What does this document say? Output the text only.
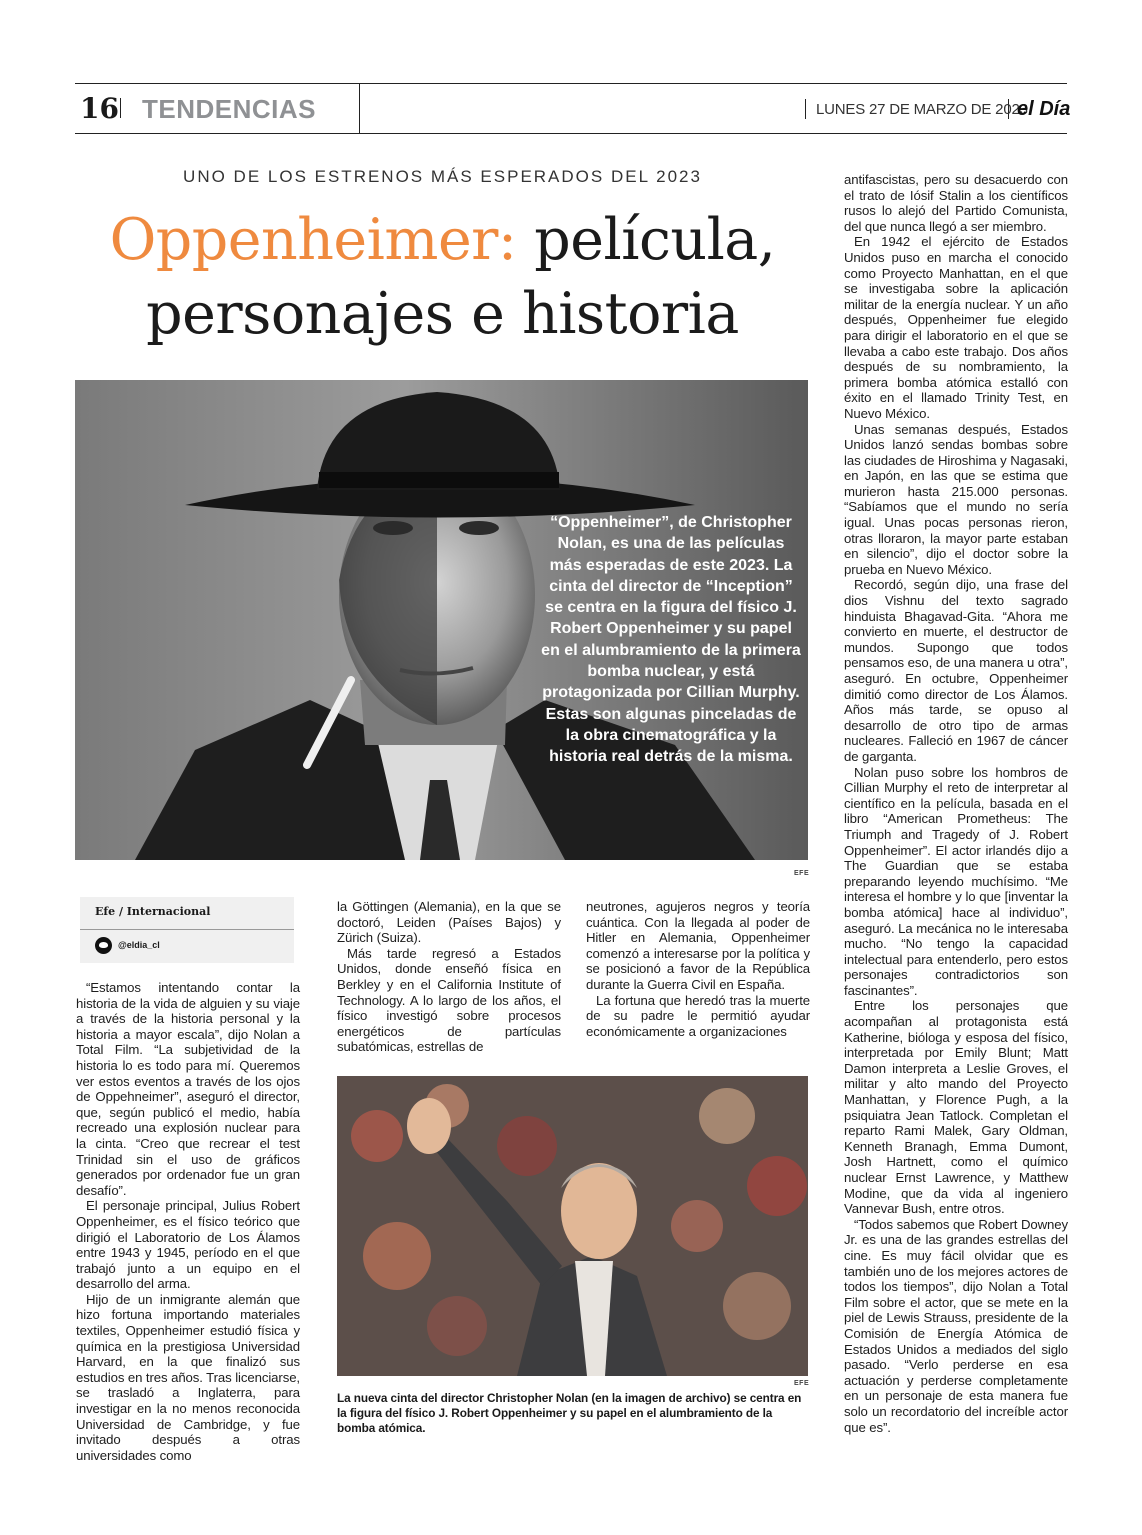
16 TENDENCIAS	LUNES 27 DE MARZO DE 2023
el Día
UNO DE LOS ESTRENOS MÁS ESPERADOS DEL 2023
Oppenheimer: película,
personajes e historia
“Oppenheimer”, de Christopher Nolan, es una de las películas más esperadas de este 2023. La cinta del director de “Inception” se centra en la figura del físico J. Robert Oppenheimer y su papel en el alumbramiento de la primera bomba nuclear, y está protagonizada por Cillian Murphy. Estas son algunas pinceladas de la obra cinematográfica y la historia real detrás de la misma.
EFE
Efe / Internacional
@eldia_cl

“Estamos intentando contar la historia de la vida de alguien y su viaje a través de la historia personal y la historia a mayor escala”, dijo Nolan a Total Film. “La subjetividad de la historia lo es todo para mí. Queremos ver estos eventos a través de los ojos de Oppehneimer”, aseguró el director, que, según publicó el medio, había recreado una explosión nuclear para la cinta. “Creo que recrear el test Trinidad sin el uso de gráficos generados por ordenador fue un gran desafío”.

El personaje principal, Julius Robert Oppenheimer, es el físico teórico que dirigió el Laboratorio de Los Álamos entre 1943 y 1945, período en el que trabajó junto a un equipo en el desarrollo del arma.

Hijo de un inmigrante alemán que hizo fortuna importando materiales textiles, Oppenheimer estudió física y química en la prestigiosa Universidad Harvard, en la que finalizó sus estudios en tres años. Tras licenciarse, se trasladó a Inglaterra, para investigar en la no menos reconocida Universidad de Cambridge, y fue invitado después a otras universidades como

la Göttingen (Alemania), en la que se doctoró, Leiden (Países Bajos) y Zürich (Suiza).

Más tarde regresó a Estados Unidos, donde enseñó física en Berkley y en el California Institute of Technology. A lo largo de los años, el físico investigó sobre procesos energéticos de partículas subatómicas, estrellas de

neutrones, agujeros negros y teoría cuántica. Con la llegada al poder de Hitler en Alemania, Oppenheimer comenzó a interesarse por la política y se posicionó a favor de la República durante la Guerra Civil en España.

La fortuna que heredó tras la muerte de su padre le permitió ayudar económicamente a organizaciones

antifascistas, pero su desacuerdo con el trato de Iósif Stalin a los científicos rusos lo alejó del Partido Comunista, del que nunca llegó a ser miembro.

En 1942 el ejército de Estados Unidos puso en marcha el conocido como Proyecto Manhattan, en el que se investigaba sobre la aplicación militar de la energía nuclear. Y un año después, Oppenheimer fue elegido para dirigir el laboratorio en el que se llevaba a cabo este trabajo. Dos años después de su nombramiento, la primera bomba atómica estalló con éxito en el llamado Trinity Test, en Nuevo México.

Unas semanas después, Estados Unidos lanzó sendas bombas sobre las ciudades de Hiroshima y Nagasaki, en Japón, en las que se estima que murieron hasta 215.000 personas. “Sabíamos que el mundo no sería igual. Unas pocas personas rieron, otras lloraron, la mayor parte estaban en silencio”, dijo el doctor sobre la prueba en Nuevo México.

Recordó, según dijo, una frase del dios Vishnu del texto sagrado hinduista Bhagavad-Gita. “Ahora me convierto en muerte, el destructor de mundos. Supongo que todos pensamos eso, de una manera u otra”, aseguró. En octubre, Oppenheimer dimitió como director de Los Álamos. Años más tarde, se opuso al desarrollo de otro tipo de armas nucleares. Falleció en 1967 de cáncer de garganta.

Nolan puso sobre los hombros de Cillian Murphy el reto de interpretar al científico en la película, basada en el libro “American Prometheus: The Triumph and Tragedy of J. Robert Oppenheimer”. El actor irlandés dijo a The Guardian que se estaba preparando leyendo muchísimo. “Me interesa el hombre y lo que [inventar la bomba atómica] hace al individuo”, aseguró. La mecánica no le interesaba mucho. “No tengo la capacidad intelectual para entenderlo, pero estos personajes contradictorios son fascinantes”.

Entre los personajes que acompañan al protagonista está Katherine, bióloga y esposa del físico, interpretada por Emily Blunt; Matt Damon interpreta a Leslie Groves, el militar y alto mando del Proyecto Manhattan, y Florence Pugh, a la psiquiatra Jean Tatlock. Completan el reparto Rami Malek, Gary Oldman, Kenneth Branagh, Emma Dumont, Josh Hartnett, como el químico nuclear Ernst Lawrence, y Matthew Modine, que da vida al ingeniero Vannevar Bush, entre otros.

“Todos sabemos que Robert Downey Jr. es una de las grandes estrellas del cine. Es muy fácil olvidar que es también uno de los mejores actores de todos los tiempos”, dijo Nolan a Total Film sobre el actor, que se mete en la piel de Lewis Strauss, presidente de la Comisión de Energía Atómica de Estados Unidos a mediados del siglo pasado. “Verlo perderse en esa actuación y perderse completamente en un personaje de esta manera fue solo un recordatorio del increíble actor que es”.

EFE
La nueva cinta del director Christopher Nolan (en la imagen de archivo) se centra en la figura del físico J. Robert Oppenheimer y su papel en el alumbramiento de la bomba atómica.
